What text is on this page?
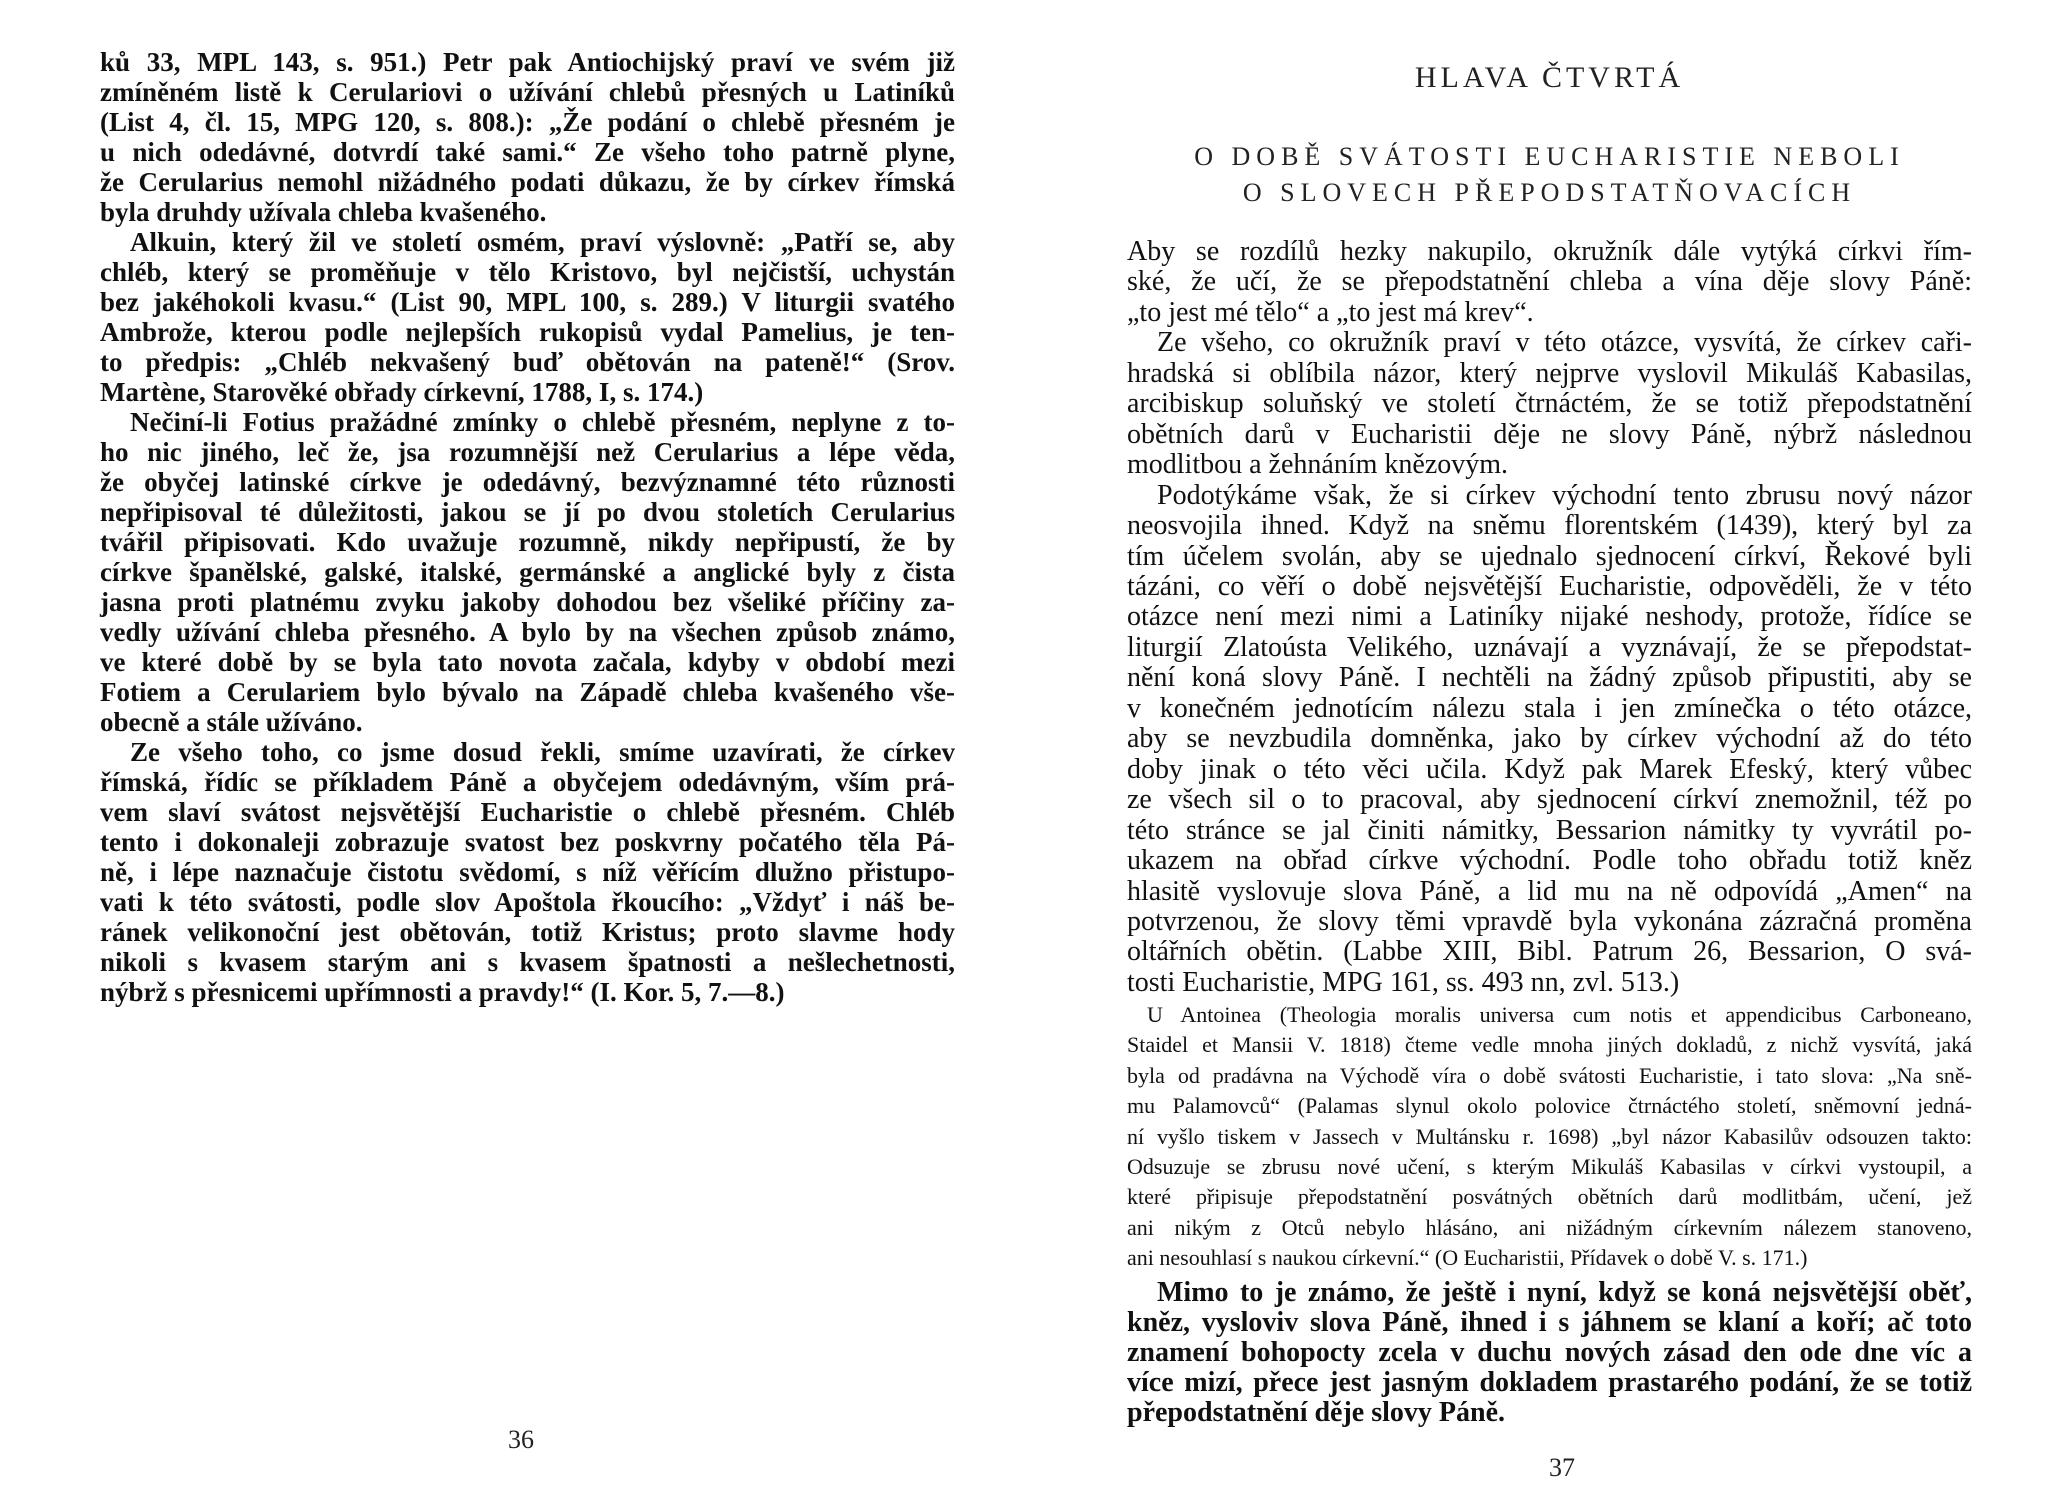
ků 33, MPL 143, s. 951.) Petr pak Antiochijský praví ve svém již
zmíněném listě k Cerulariovi o užívání chlebů přesných u Latiníků
(List 4, čl. 15, MPG 120, s. 808.): „Že podání o chlebě přesném je
u nich odedávné, dotvrdí také sami.“ Ze všeho toho patrně plyne,
že Cerularius nemohl nižádného podati důkazu, že by církev římská
byla druhdy užívala chleba kvašeného.
Alkuin, který žil ve století osmém, praví výslovně: „Patří se, aby
chléb, který se proměňuje v tělo Kristovo, byl nejčistší, uchystán
bez jakéhokoli kvasu.“ (List 90, MPL 100, s. 289.) V liturgii svatého
Ambrože, kterou podle nejlepších rukopisů vydal Pamelius, je ten-
to předpis: „Chléb nekvašený buď obětován na pateně!“ (Srov.
Martène, Starověké obřady církevní, 1788, I, s. 174.)
Nečiní-li Fotius pražádné zmínky o chlebě přesném, neplyne z to-
ho nic jiného, leč že, jsa rozumnější než Cerularius a lépe věda,
že obyčej latinské církve je odedávný, bezvýznamné této různosti
nepřipisoval té důležitosti, jakou se jí po dvou stoletích Cerularius
tvářil připisovati. Kdo uvažuje rozumně, nikdy nepřipustí, že by
církve španělské, galské, italské, germánské a anglické byly z čista
jasna proti platnému zvyku jakoby dohodou bez všeliké příčiny za-
vedly užívání chleba přesného. A bylo by na všechen způsob známo,
ve které době by se byla tato novota začala, kdyby v období mezi
Fotiem a Cerulariem bylo bývalo na Západě chleba kvašeného vše-
obecně a stále užíváno.
Ze všeho toho, co jsme dosud řekli, smíme uzavírati, že církev
římská, řídíc se příkladem Páně a obyčejem odedávným, vším prá-
vem slaví svátost nejsvětější Eucharistie o chlebě přesném. Chléb
tento i dokonaleji zobrazuje svatost bez poskvrny počatého těla Pá-
ně, i lépe naznačuje čistotu svědomí, s níž věřícím dlužno přistupo-
vati k této svátosti, podle slov Apoštola řkoucího: „Vždyť i náš be-
ránek velikonoční jest obětován, totiž Kristus; proto slavme hody
nikoli s kvasem starým ani s kvasem špatnosti a nešlechetnosti,
nýbrž s přesnicemi upřímnosti a pravdy!“ (I. Kor. 5, 7.—8.)
36
HLAVA ČTVRTÁ
O DOBĚ SVÁTOSTI EUCHARISTIE NEBOLI
O SLOVECH PŘEPODSTATŇOVACÍCH
Aby se rozdílů hezky nakupilo, okružník dále vytýká církvi řím-
ské, že učí, že se přepodstatnění chleba a vína děje slovy Páně:
„to jest mé tělo“ a „to jest má krev“.
Ze všeho, co okružník praví v této otázce, vysvítá, že církev caři-
hradská si oblíbila názor, který nejprve vyslovil Mikuláš Kabasilas,
arcibiskup soluňský ve století čtrnáctém, že se totiž přepodstatnění
obětních darů v Eucharistii děje ne slovy Páně, nýbrž následnou
modlitbou a žehnáním knězovým.
Podotýkáme však, že si církev východní tento zbrusu nový názor
neosvojila ihned. Když na sněmu florentském (1439), který byl za
tím účelem svolán, aby se ujednalo sjednocení církví, Řekové byli
tázáni, co věří o době nejsvětější Eucharistie, odpověděli, že v této
otázce není mezi nimi a Latiníky nijaké neshody, protože, řídíce se
liturgií Zlatoústa Velikého, uznávají a vyznávají, že se přepodstat-
nění koná slovy Páně. I nechtěli na žádný způsob připustiti, aby se
v konečném jednotícím nálezu stala i jen zmínečka o této otázce,
aby se nevzbudila domněnka, jako by církev východní až do této
doby jinak o této věci učila. Když pak Marek Efeský, který vůbec
ze všech sil o to pracoval, aby sjednocení církví znemožnil, též po
této stránce se jal činiti námitky, Bessarion námitky ty vyvrátil po-
ukazem na obřad církve východní. Podle toho obřadu totiž kněz
hlasitě vyslovuje slova Páně, a lid mu na ně odpovídá „Amen“ na
potvrzenou, že slovy těmi vpravdě byla vykonána zázračná proměna
oltářních obětin. (Labbe XIII, Bibl. Patrum 26, Bessarion, O svá-
tosti Eucharistie, MPG 161, ss. 493 nn, zvl. 513.)
U Antoinea (Theologia moralis universa cum notis et appendicibus Carboneano,
Staidel et Mansii V. 1818) čteme vedle mnoha jiných dokladů, z nichž vysvítá, jaká
byla od pradávna na Východě víra o době svátosti Eucharistie, i tato slova: „Na sně-
mu Palamovců“ (Palamas slynul okolo polovice čtrnáctého století, sněmovní jedná-
ní vyšlo tiskem v Jassech v Multánsku r. 1698) „byl názor Kabasilův odsouzen takto:
Odsuzuje se zbrusu nové učení, s kterým Mikuláš Kabasilas v církvi vystoupil, a
které připisuje přepodstatnění posvátných obětních darů modlitbám, učení, jež
ani nikým z Otců nebylo hlásáno, ani nižádným církevním nálezem stanoveno,
ani nesouhlasí s naukou církevní.“ (O Eucharistii, Přídavek o době V. s. 171.)
Mimo to je známo, že ještě i nyní, když se koná nejsvětější oběť,
kněz, vysloviv slova Páně, ihned i s jáhnem se klaní a koří; ač toto
znamení bohopocty zcela v duchu nových zásad den ode dne víc a
více mizí, přece jest jasným dokladem prastarého podání, že se totiž
přepodstatnění děje slovy Páně.
37
